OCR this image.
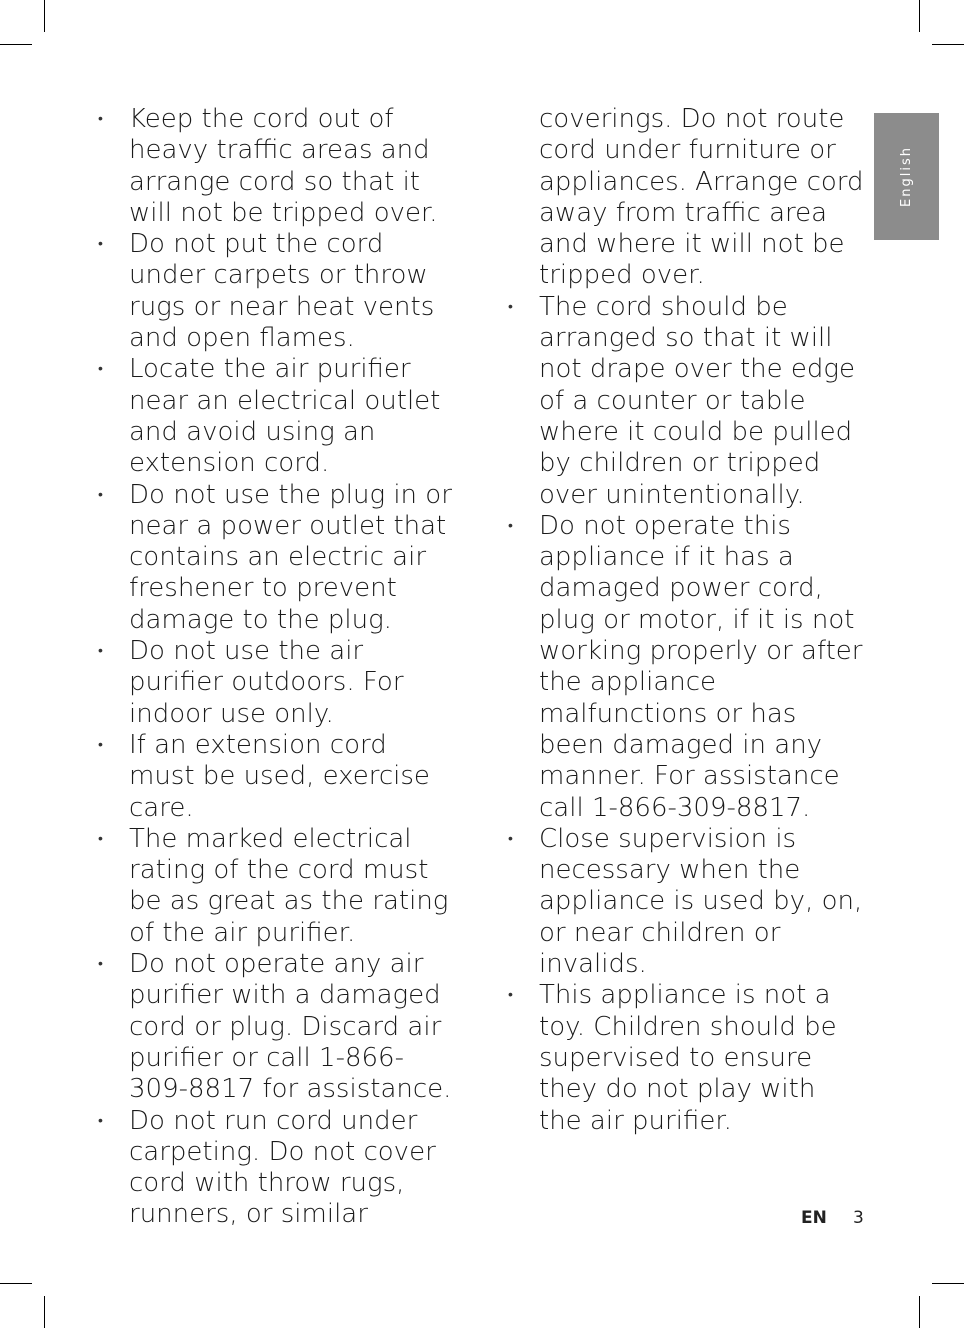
English

• Keep the cord out of heavy traffic areas and arrange cord so that it will not be tripped over.

• Do not put the cord under carpets or throw rugs or near heat vents and open flames.

• Locate the air purifier near an electrical outlet and avoid using an extension cord.

• Do not use the plug in or near a power outlet that contains an electric air freshener to prevent damage to the plug.

• Do not use the air purifier outdoors. For indoor use only.

• If an extension cord must be used, exercise care.

• The marked electrical rating of the cord must be as great as the rating of the air purifier.

• Do not operate any air purifier with a damaged cord or plug. Discard air purifier or call 1-866-309-8817 for assistance.

• Do not run cord under carpeting. Do not cover cord with throw rugs, runners, or similar

coverings. Do not route cord under furniture or appliances. Arrange cord away from traffic area and where it will not be tripped over.

• The cord should be arranged so that it will not drape over the edge of a counter or table where it could be pulled by children or tripped over unintentionally.

• Do not operate this appliance if it has a damaged power cord, plug or motor, if it is not working properly or after the appliance malfunctions or has been damaged in any manner. For assistance call 1-866-309-8817.

• Close supervision is necessary when the appliance is used by, on, or near children or invalids.

• This appliance is not a toy. Children should be supervised to ensure they do not play with the air purifier.

EN 3
